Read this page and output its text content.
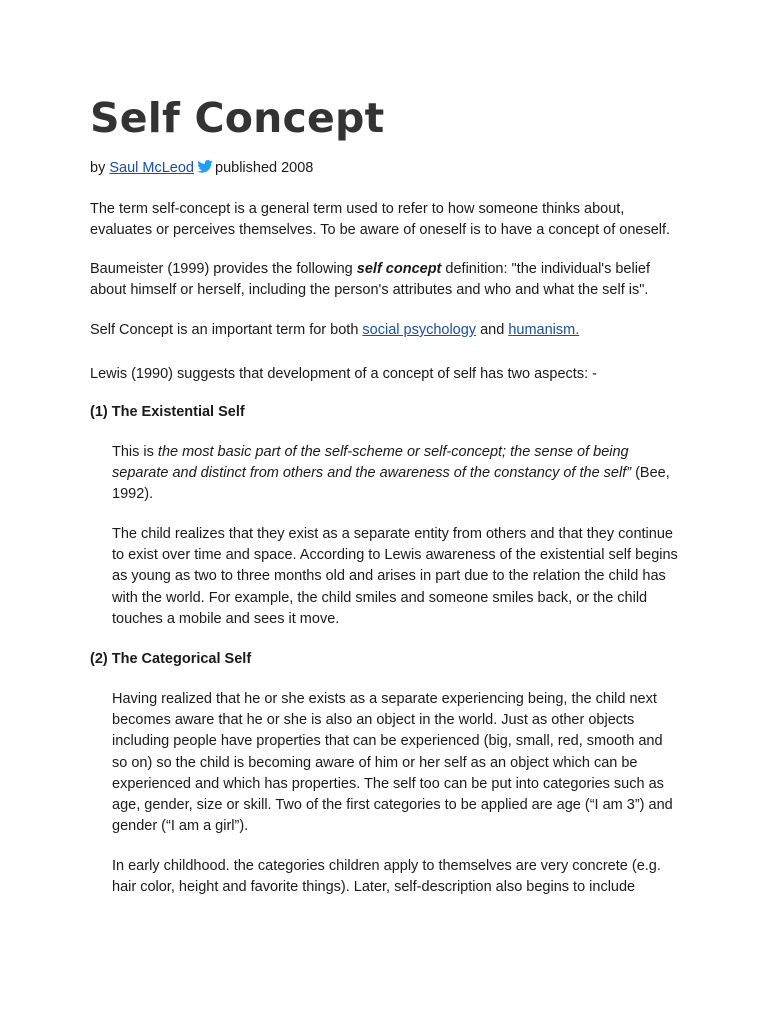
Self Concept
by Saul McLeod published 2008

The term self-concept is a general term used to refer to how someone thinks about, evaluates or perceives themselves. To be aware of oneself is to have a concept of oneself.

Baumeister (1999) provides the following self concept definition: "the individual's belief about himself or herself, including the person's attributes and who and what the self is".

Self Concept is an important term for both social psychology and humanism.

Lewis (1990) suggests that development of a concept of self has two aspects: -

(1) The Existential Self

This is the most basic part of the self-scheme or self-concept; the sense of being separate and distinct from others and the awareness of the constancy of the self” (Bee, 1992).

The child realizes that they exist as a separate entity from others and that they continue to exist over time and space. According to Lewis awareness of the existential self begins as young as two to three months old and arises in part due to the relation the child has with the world. For example, the child smiles and someone smiles back, or the child touches a mobile and sees it move.

(2) The Categorical Self

Having realized that he or she exists as a separate experiencing being, the child next becomes aware that he or she is also an object in the world. Just as other objects including people have properties that can be experienced (big, small, red, smooth and so on) so the child is becoming aware of him or her self as an object which can be experienced and which has properties. The self too can be put into categories such as age, gender, size or skill. Two of the first categories to be applied are age (“I am 3”) and gender (“I am a girl”).

In early childhood. the categories children apply to themselves are very concrete (e.g. hair color, height and favorite things). Later, self-description also begins to include
